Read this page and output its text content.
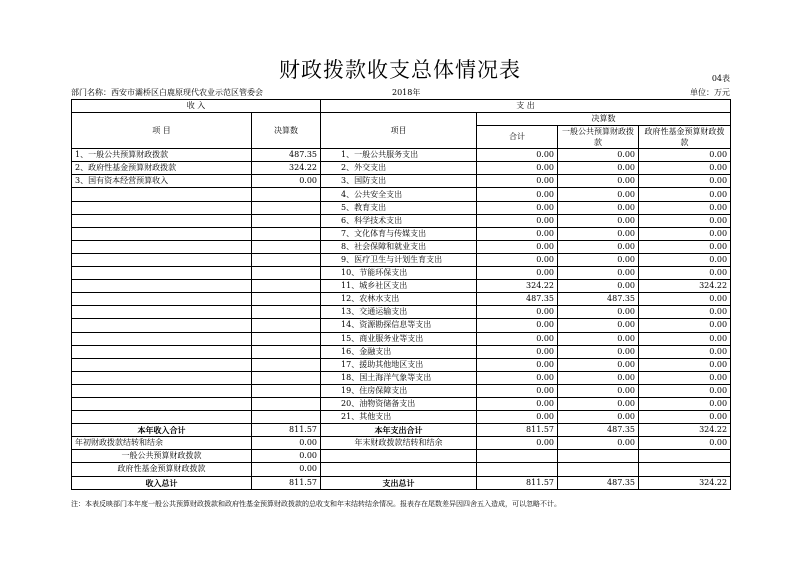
财政拨款收支总体情况表	04表
部门名称：西安市灞桥区白鹿原现代农业示范区管委会	2018年	单位：万元
收 入		支 出			
项 目	决算数	项目	决算数		
			合计	一般公共预算财政拨款	政府性基金预算财政拨款

1、一般公共预算财政拨款	487.35	1、一般公共服务支出	0.00	0.00	0.00
2、政府性基金预算财政拨款	324.22	2、外交支出	0.00	0.00	0.00
3、国有资本经营预算收入	0.00	3、国防支出	0.00	0.00	0.00
		4、公共安全支出	0.00	0.00	0.00
		5、教育支出	0.00	0.00	0.00
		6、科学技术支出	0.00	0.00	0.00
		7、文化体育与传媒支出	0.00	0.00	0.00
		8、社会保障和就业支出	0.00	0.00	0.00
		9、医疗卫生与计划生育支出	0.00	0.00	0.00
		10、节能环保支出	0.00	0.00	0.00
		11、城乡社区支出	324.22	0.00	324.22
		12、农林水支出	487.35	487.35	0.00
		13、交通运输支出	0.00	0.00	0.00
		14、资源勘探信息等支出	0.00	0.00	0.00
		15、商业服务业等支出	0.00	0.00	0.00
		16、金融支出	0.00	0.00	0.00
		17、援助其他地区支出	0.00	0.00	0.00
		18、国土海洋气象等支出	0.00	0.00	0.00
		19、住房保障支出	0.00	0.00	0.00
		20、油物资储备支出	0.00	0.00	0.00
		21、其他支出	0.00	0.00	0.00
本年收入合计	811.57	本年支出合计	811.57	487.35	324.22
年初财政拨款结转和结余	0.00	年末财政拨款结转和结余	0.00	0.00	0.00
一般公共预算财政拨款	0.00				
政府性基金预算财政拨款	0.00				
收入总计	811.57	支出总计	811.57	487.35	324.22
注：本表反映部门本年度一般公共预算财政拨款和政府性基金预算财政拨款的总收支和年末结转结余情况。报表存在尾数差异因四舍五入造成，可以忽略不计。
